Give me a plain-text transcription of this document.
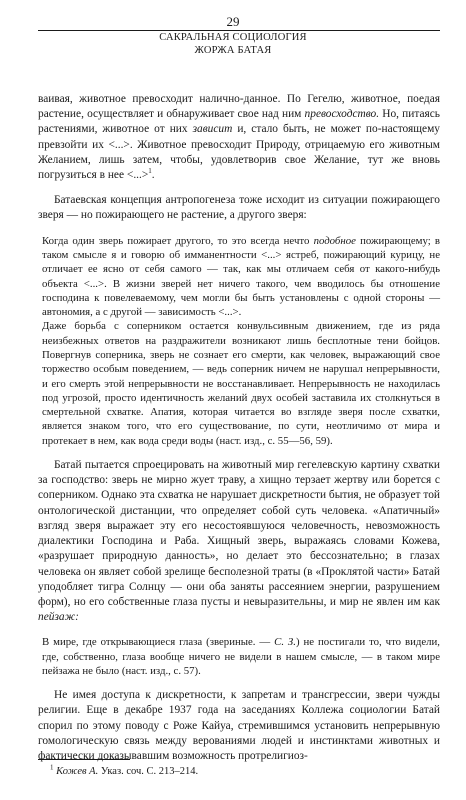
29
САКРАЛЬНАЯ СОЦИОЛОГИЯ
ЖОРЖА БАТАЯ

ваивая, животное превосходит налично-данное. По Гегелю, животное, поедая растение, осуществляет и обнаруживает свое над ним превосходство. Но, питаясь растениями, животное от них зависит и, стало быть, не может по-настоящему превзойти их <...>. Животное превосходит Природу, отрицаемую его животным Желанием, лишь затем, чтобы, удовлетворив свое Желание, тут же вновь погрузиться в нее <...>$^1$.

Батаевская концепция антропогенеза тоже исходит из ситуации пожирающего зверя — но пожирающего не растение, а другого зверя:

Когда один зверь пожирает другого, то это всегда нечто подобное пожирающему; в таком смысле я и говорю об имманентности <...> ястреб, пожирающий курицу, не отличает ее ясно от себя самого — так, как мы отличаем себя от какого-нибудь объекта <...>. В жизни зверей нет ничего такого, чем вводилось бы отношение господина к повелеваемому, чем могли бы быть установлены с одной стороны — автономия, а с другой — зависимость <...>.

Даже борьба с соперником остается конвульсивным движением, где из ряда неизбежных ответов на раздражители возникают лишь бесплотные тени бойцов. Повергнув соперника, зверь не сознает его смерти, как человек, выражающий свое торжество особым поведением, — ведь соперник ничем не нарушал непрерывности, и его смерть этой непрерывности не восстанавливает. Непрерывность не находилась под угрозой, просто идентичность желаний двух особей заставила их столкнуться в смертельной схватке. Апатия, которая читается во взгляде зверя после схватки, является знаком того, что его существование, по сути, неотличимо от мира и протекает в нем, как вода среди воды (наст. изд., с. 55—56, 59).

Батай пытается спроецировать на животный мир гегелевскую картину схватки за господство: зверь не мирно жует траву, а хищно терзает жертву или борется с соперником. Однако эта схватка не нарушает дискретности бытия, не образует той онтологической дистанции, что определяет собой суть человека. «Апатичный» взгляд зверя выражает эту его несостоявшуюся человечность, невозможность диалектики Господина и Раба. Хищный зверь, выражаясь словами Кожева, «разрушает природную данность», но делает это бессознательно; в глазах человека он являет собой зрелище бесполезной траты (в «Проклятой части» Батай уподобляет тигра Солнцу — они оба заняты рассеянием энергии, разрушением форм), но его собственные глаза пусты и невыразительны, и мир не явлен им как пейзаж:

В мире, где открывающиеся глаза (звериные. — С. З.) не постигали то, что видели, где, собственно, глаза вообще ничего не видели в нашем смысле, — в таком мире пейзажа не было (наст. изд., с. 57).

Не имея доступа к дискретности, к запретам и трансгрессии, звери чужды религии. Еще в декабре 1937 года на заседаниях Коллежа социологии Батай спорил по этому поводу с Роже Кайуа, стремившимся установить непрерывную гомологическую связь между верованиями людей и инстинктами животных и фактически доказывавшим возможность протрелигиоз-

$^1$ Кожев А. Указ. соч. С. 213–214.
